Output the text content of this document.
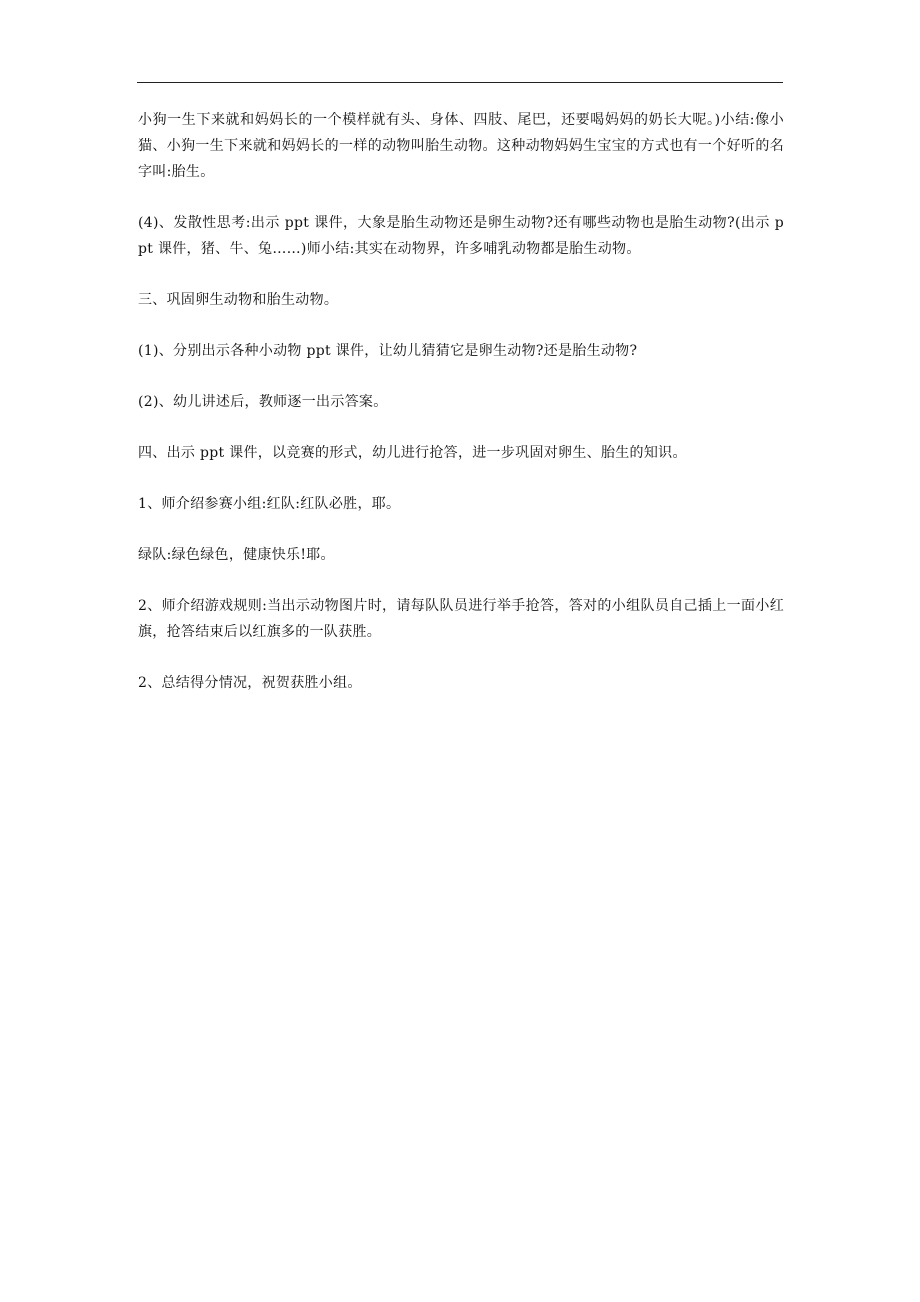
小狗一生下来就和妈妈长的一个模样就有头、身体、四肢、尾巴，还要喝妈妈的奶长大呢。)小结:像小猫、小狗一生下来就和妈妈长的一样的动物叫胎生动物。这种动物妈妈生宝宝的方式也有一个好听的名字叫:胎生。

(4)、发散性思考:出示 ppt 课件，大象是胎生动物还是卵生动物?还有哪些动物也是胎生动物?(出示 ppt 课件，猪、牛、兔……)师小结:其实在动物界，许多哺乳动物都是胎生动物。

三、巩固卵生动物和胎生动物。

(1)、分别出示各种小动物 ppt 课件，让幼儿猜猜它是卵生动物?还是胎生动物?

(2)、幼儿讲述后，教师逐一出示答案。

四、出示 ppt 课件，以竞赛的形式，幼儿进行抢答，进一步巩固对卵生、胎生的知识。

1、师介绍参赛小组:红队:红队必胜，耶。

绿队:绿色绿色，健康快乐!耶。

2、师介绍游戏规则:当出示动物图片时，请每队队员进行举手抢答，答对的小组队员自己插上一面小红旗，抢答结束后以红旗多的一队获胜。

2、总结得分情况，祝贺获胜小组。
